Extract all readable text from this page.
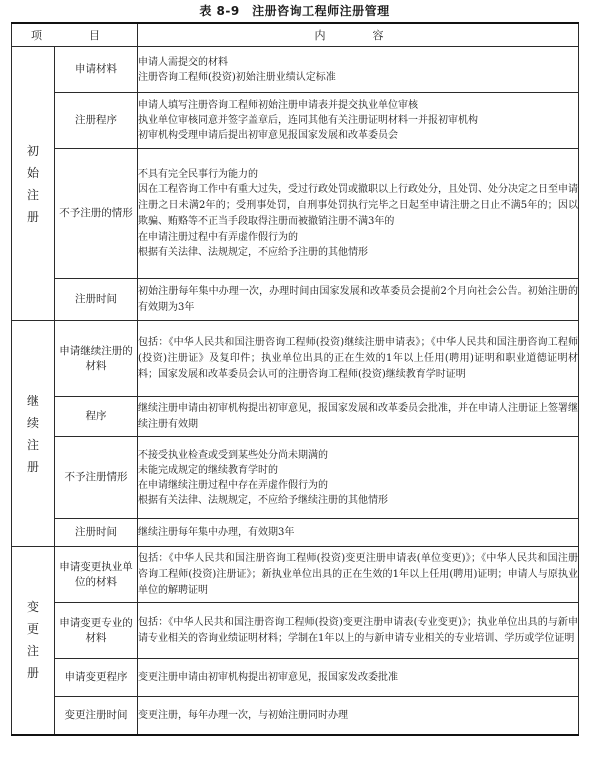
表 8-9　注册咨询工程师注册管理
项　目		内　容

初始注册	申请材料	申请人需提交的材料
注册咨询工程师(投资)初始注册业绩认定标准

	注册程序	申请人填写注册咨询工程师初始注册申请表并提交执业单位审核
执业单位审核同意并签字盖章后，连同其他有关注册证明材料一并报初审机构
初审机构受理申请后提出初审意见报国家发展和改革委员会

	不予注册的情形	不具有完全民事行为能力的
因在工程咨询工作中有重大过失，受过行政处罚或撤职以上行政处分，且处罚、处分决定之日至申请注册之日未满2年的；受刑事处罚，自刑事处罚执行完毕之日起至申请注册之日止不满5年的；因以欺骗、贿赂等不正当手段取得注册而被撤销注册不满3年的
在申请注册过程中有弄虚作假行为的
根据有关法律、法规规定，不应给予注册的其他情形

	注册时间	初始注册每年集中办理一次，办理时间由国家发展和改革委员会提前2个月向社会公告。初始注册的有效期为3年

继续注册	申请继续注册的材料	包括：《中华人民共和国注册咨询工程师(投资)继续注册申请表》；《中华人民共和国注册咨询工程师(投资)注册证》及复印件；执业单位出具的正在生效的1年以上任用(聘用)证明和职业道德证明材料；国家发展和改革委员会认可的注册咨询工程师(投资)继续教育学时证明

	程序	继续注册申请由初审机构提出初审意见，报国家发展和改革委员会批准，并在申请人注册证上签署继续注册有效期

	不予注册情形	不接受执业检查或受到某些处分尚未期满的
未能完成规定的继续教育学时的
在申请继续注册过程中存在弄虚作假行为的
根据有关法律、法规规定，不应给予继续注册的其他情形

	注册时间	继续注册每年集中办理，有效期3年

变更注册	申请变更执业单位的材料	包括：《中华人民共和国注册咨询工程师(投资)变更注册申请表(单位变更)》；《中华人民共和国注册咨询工程师(投资)注册证》；新执业单位出具的正在生效的1年以上任用(聘用)证明；申请人与原执业单位的解聘证明

	申请变更专业的材料	包括：《中华人民共和国注册咨询工程师(投资)变更注册申请表(专业变更)》；执业单位出具的与新申请专业相关的咨询业绩证明材料；学制在1年以上的与新申请专业相关的专业培训、学历或学位证明

	申请变更程序	变更注册申请由初审机构提出初审意见，报国家发改委批准

	变更注册时间	变更注册，每年办理一次，与初始注册同时办理
